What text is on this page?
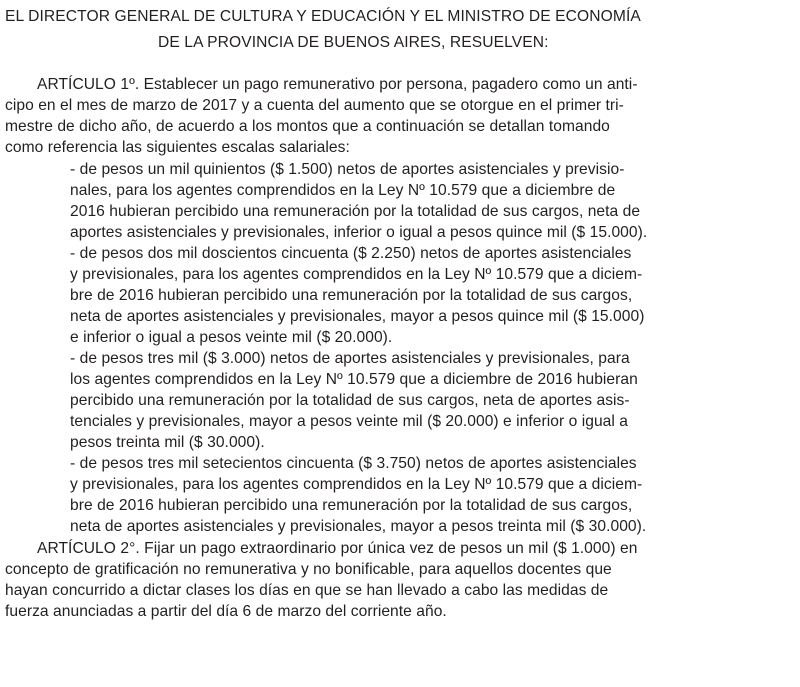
EL DIRECTOR GENERAL DE CULTURA Y EDUCACIÓN Y EL MINISTRO DE ECONOMÍA
DE LA PROVINCIA DE BUENOS AIRES, RESUELVEN:
ARTÍCULO 1º. Establecer un pago remunerativo por persona, pagadero como un anti-
cipo en el mes de marzo de 2017 y a cuenta del aumento que se otorgue en el primer tri-
mestre de dicho año, de acuerdo a los montos que a continuación se detallan tomando
como referencia las siguientes escalas salariales:
- de pesos un mil quinientos ($ 1.500) netos de aportes asistenciales y previsio-
nales, para los agentes comprendidos en la Ley Nº 10.579 que a diciembre de
2016 hubieran percibido una remuneración por la totalidad de sus cargos, neta de
aportes asistenciales y previsionales, inferior o igual a pesos quince mil ($ 15.000).
- de pesos dos mil doscientos cincuenta ($ 2.250) netos de aportes asistenciales
y previsionales, para los agentes comprendidos en la Ley Nº 10.579 que a diciem-
bre de 2016 hubieran percibido una remuneración por la totalidad de sus cargos,
neta de aportes asistenciales y previsionales, mayor a pesos quince mil ($ 15.000)
e inferior o igual a pesos veinte mil ($ 20.000).
- de pesos tres mil ($ 3.000) netos de aportes asistenciales y previsionales, para
los agentes comprendidos en la Ley Nº 10.579 que a diciembre de 2016 hubieran
percibido una remuneración por la totalidad de sus cargos, neta de aportes asis-
tenciales y previsionales, mayor a pesos veinte mil ($ 20.000) e inferior o igual a
pesos treinta mil ($ 30.000).
- de pesos tres mil setecientos cincuenta ($ 3.750) netos de aportes asistenciales
y previsionales, para los agentes comprendidos en la Ley Nº 10.579 que a diciem-
bre de 2016 hubieran percibido una remuneración por la totalidad de sus cargos,
neta de aportes asistenciales y previsionales, mayor a pesos treinta mil ($ 30.000).
ARTÍCULO 2°. Fijar un pago extraordinario por única vez de pesos un mil ($ 1.000) en
concepto de gratificación no remunerativa y no bonificable, para aquellos docentes que
hayan concurrido a dictar clases los días en que se han llevado a cabo las medidas de
fuerza anunciadas a partir del día 6 de marzo del corriente año.
